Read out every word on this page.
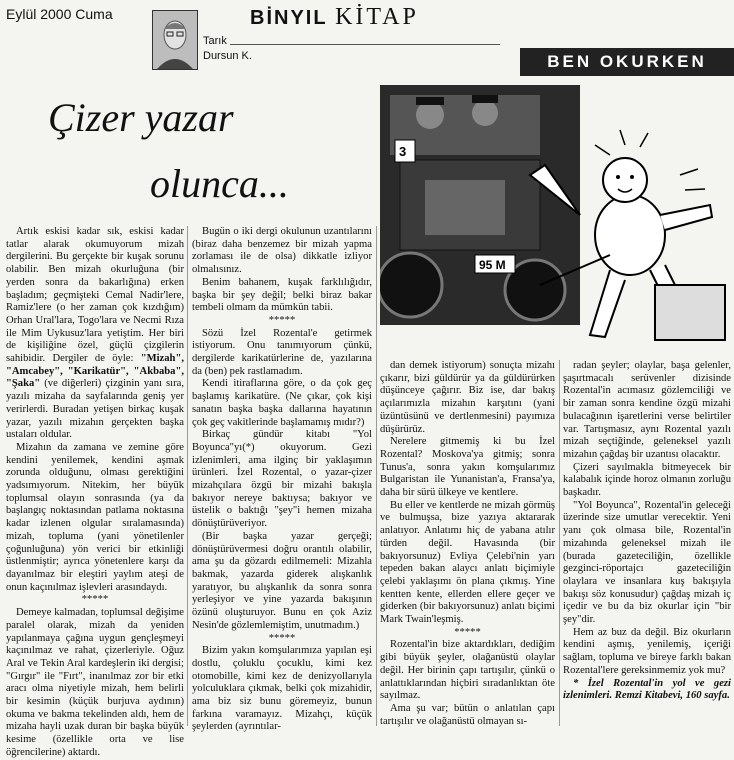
Eylül 2000 Cuma
Tarık
Dursun K.
BİNYIL KİTAP
BEN OKURKEN
Çizer yazar
olunca...
95 M
3

Artık eskisi kadar sık, eskisi kadar tatlar alarak okumuyorum mizah dergilerini. Bu gerçekte bir kuşak sorunu olabilir. Ben mizah okurluğuna (bir yerden sonra da bakarlığına) erken başladım; geçmişteki Cemal Nadir'lere, Ramiz'lere (o her zaman çok kızdığım) Orhan Ural'lara, Togo'lara ve Necmi Rıza ile Mim Uykusuz'lara yetiştim. Her biri de kişiliğine özel, güçlü çizgilerin sahibidir. Dergiler de öyle: "Mizah", "Amcabey", "Karikatür", "Akbaba", "Şaka" (ve diğerleri) çizginin yanı sıra, yazılı mizaha da sayfalarında geniş yer verirlerdi. Buradan yetişen birkaç kuşak yazar, yazılı mizahın gerçekten başka ustaları oldular.

Mizahın da zamana ve zemine göre kendini yenilemek, kendini aşmak zorunda olduğunu, olması gerektiğini yadsımıyorum. Nitekim, her büyük toplumsal olayın sonrasında (ya da başlangıç noktasından patlama noktasına kadar izlenen olgular sıralamasında) mizah, topluma (yani yönetilenler çoğunluğuna) yön verici bir etkinliği üstlenmiştir; ayrıca yönetenlere karşı da dayanılmaz bir eleştiri yaylım ateşi de onun kaçınılmaz işlevleri arasındaydı.

*****

Demeye kalmadan, toplumsal değişime paralel olarak, mizah da yeniden yapılanmaya çağına uygun gençleşmeyi kaçınılmaz ve rahat, çizerleriyle. Oğuz Aral ve Tekin Aral kardeşlerin iki dergisi; "Gırgır" ile "Fırt", inanılmaz zor bir etki aracı olma niyetiyle mizah, hem belirli bir kesimin (küçük burjuva aydının) okuma ve bakma tekelinden aldı, hem de mizaha hayli uzak duran bir başka büyük kesime (özellikle orta ve lise öğrencilerine) aktardı.

Bugün o iki dergi okulunun uzantılarını (biraz daha benzemez bir mizah yapma zorlaması ile de olsa) dikkatle izliyor olmalısınız.

Benim bahanem, kuşak farklılığıdır, başka bir şey değil; belki biraz bakar tembeli olmam da mümkün tabii.

*****

Sözü İzel Rozental'e getirmek istiyorum. Onu tanımıyorum çünkü, dergilerde karikatürlerine de, yazılarına da (ben) pek rastlamadım.

Kendi itiraflarına göre, o da çok geç başlamış karikatüre. (Ne çıkar, çok kişi sanatın başka başka dallarına hayatının çok geç vakitlerinde başlamamış mıdır?)

Birkaç gündür kitabı "Yol Boyunca"yı(*) okuyorum. Gezi izlenimleri, ama ilginç bir yaklaşımın ürünleri. İzel Rozental, o yazar-çizer mizahçılara özgü bir mizahi bakışla bakıyor nereye baktıysa; bakıyor ve üstelik o baktığı "şey"i hemen mizaha dönüştürüveriyor.

(Bir başka yazar gerçeği; dönüştürüvermesi doğru orantılı olabilir, ama şu da gözardı edilmemeli: Mizahla bakmak, yazarda giderek alışkanlık yaratıyor, bu alışkanlık da sonra sonra yerleşiyor ve yine yazarda bakışının özünü oluşturuyor. Bunu en çok Aziz Nesin'de gözlemlemiştim, unutmadım.)

*****

Bizim yakın komşularımıza yapılan eşi dostlu, çoluklu çocuklu, kimi kez otomobille, kimi kez de denizyollarıyla yolculuklara çıkmak, belki çok mizahidir, ama biz siz bunu göremeyiz, bunun farkına varamayız. Mizahçı, küçük şeylerden (ayrıntılar-

dan demek istiyorum) sonuçta mizahı çıkarır, bizi güldürür ya da güldürürken düşünceye çağırır. Biz ise, dar bakış açılarımızla mizahın karşıtını (yani üzüntüsünü ve dertlenmesini) payımıza düşürürüz.

Nerelere gitmemiş ki bu İzel Rozental? Moskova'ya gitmiş; sonra Tunus'a, sonra yakın komşularımız Bulgaristan ile Yunanistan'a, Fransa'ya, daha bir sürü ülkeye ve kentlere.

Bu eller ve kentlerde ne mizah görmüş ve bulmuşsa, bize yazıya aktararak anlatıyor. Anlatımı hiç de yabana atılır türden değil. Havasında (bir bakıyorsunuz) Evliya Çelebi'nin yarı tepeden bakan alaycı anlatı biçimiyle çelebi yaklaşımı ön plana çıkmış. Yine kentten kente, ellerden ellere geçer ve giderken (bir bakıyorsunuz) anlatı biçimi Mark Twain'leşmiş.

*****

Rozental'in bize aktardıkları, dediğim gibi büyük şeyler, olağanüstü olaylar değil. Her birinin çapı tartışılır, çünkü o anlattıklarından hiçbiri sıradanlıktan öte sayılmaz.

Ama şu var; bütün o anlatılan çapı tartışılır ve olağanüstü olmayan sı-

radan şeyler; olaylar, başa gelenler, şaşırtmacalı serüvenler dizisinde Rozental'in acımasız gözlemciliği ve bir zaman sonra kendine özgü mizahi bulacağının işaretlerini verse belirtiler var. Tartışmasız, aynı Rozental yazılı mizah seçtiğinde, geleneksel yazılı mizahın çağdaş bir uzantısı olacaktır.

Çizeri sayılmakla bitmeyecek bir kalabalık içinde horoz olmanın zorluğu başkadır.

"Yol Boyunca", Rozental'in geleceği üzerinde size umutlar verecektir. Yeni yanı çok olmasa bile, Rozental'in mizahında geleneksel mizah ile (burada gazeteciliğin, özellikle gezginci-röportajcı gazeteciliğin olaylara ve insanlara kuş bakışıyla bakışı söz konusudur) çağdaş mizah iç içedir ve bu da biz okurlar için "bir şey"dir.

Hem az buz da değil. Biz okurların kendini aşmış, yenilemiş, içeriği sağlam, topluma ve bireye farklı bakan Rozental'lere gereksinmemiz yok mu?

* İzel Rozental'in yol ve gezi izlenimleri. Remzi Kitabevi, 160 sayfa.
